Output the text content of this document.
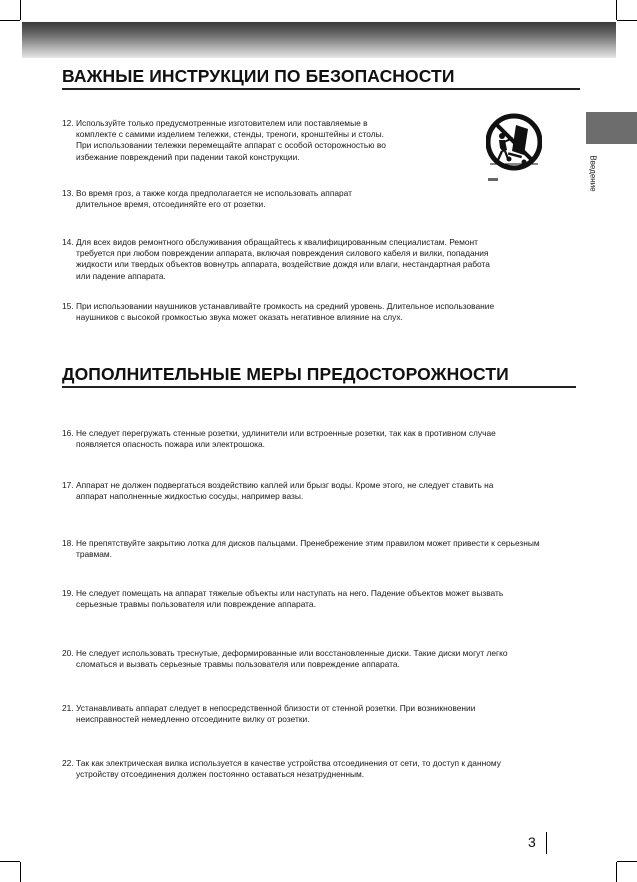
ВАЖНЫЕ ИНСТРУКЦИИ ПО БЕЗОПАСНОСТИ

12. Используйте только предусмотренные изготовителем или поставляемые в
комплекте с самими изделием тележки, стенды, треноги, кронштейны и столы.
При использовании тележки перемещайте аппарат с особой осторожностью во
избежание повреждений при падении такой конструкции.

13. Во время гроз, а также когда предполагается не использовать аппарат
длительное время, отсоединяйте его от розетки.

14. Для всех видов ремонтного обслуживания обращайтесь к квалифицированным специалистам. Ремонт
требуется при любом повреждении аппарата, включая повреждения силового кабеля и вилки, попадания
жидкости или твердых объектов вовнутрь аппарата, воздействие дождя или влаги, нестандартная работа
или падение аппарата.

15. При использовании наушников устанавливайте громкость на средний уровень. Длительное использование
наушников с высокой громкостью звука может оказать негативное влияние на слух.

ДОПОЛНИТЕЛЬНЫЕ МЕРЫ ПРЕДОСТОРОЖНОСТИ

16. Не следует перегружать стенные розетки, удлинители или встроенные розетки, так как в противном случае
появляется опасность пожара или электрошока.

17. Аппарат не должен подвергаться воздействию каплей или брызг воды. Кроме этого, не следует ставить на
аппарат наполненные жидкостью сосуды, например вазы.

18. Не препятствуйте закрытию лотка для дисков пальцами. Пренебрежение этим правилом может привести к серьезным
травмам.

19. Не следует помещать на аппарат тяжелые объекты или наступать на него. Падение объектов может вызвать
серьезные травмы пользователя или повреждение аппарата.

20. Не следует использовать треснутые, деформированные или восстановленные диски. Такие диски могут легко
сломаться и вызвать серьезные травмы пользователя или повреждение аппарата.

21. Устанавливать аппарат следует в непосредственной близости от стенной розетки. При возникновении
неисправностей немедленно отсоедините вилку от розетки.

22. Так как электрическая вилка используется в качестве устройства отсоединения от сети, то доступ к данному
устройству отсоединения должен постоянно оставаться незатрудненным.

Введение
3
